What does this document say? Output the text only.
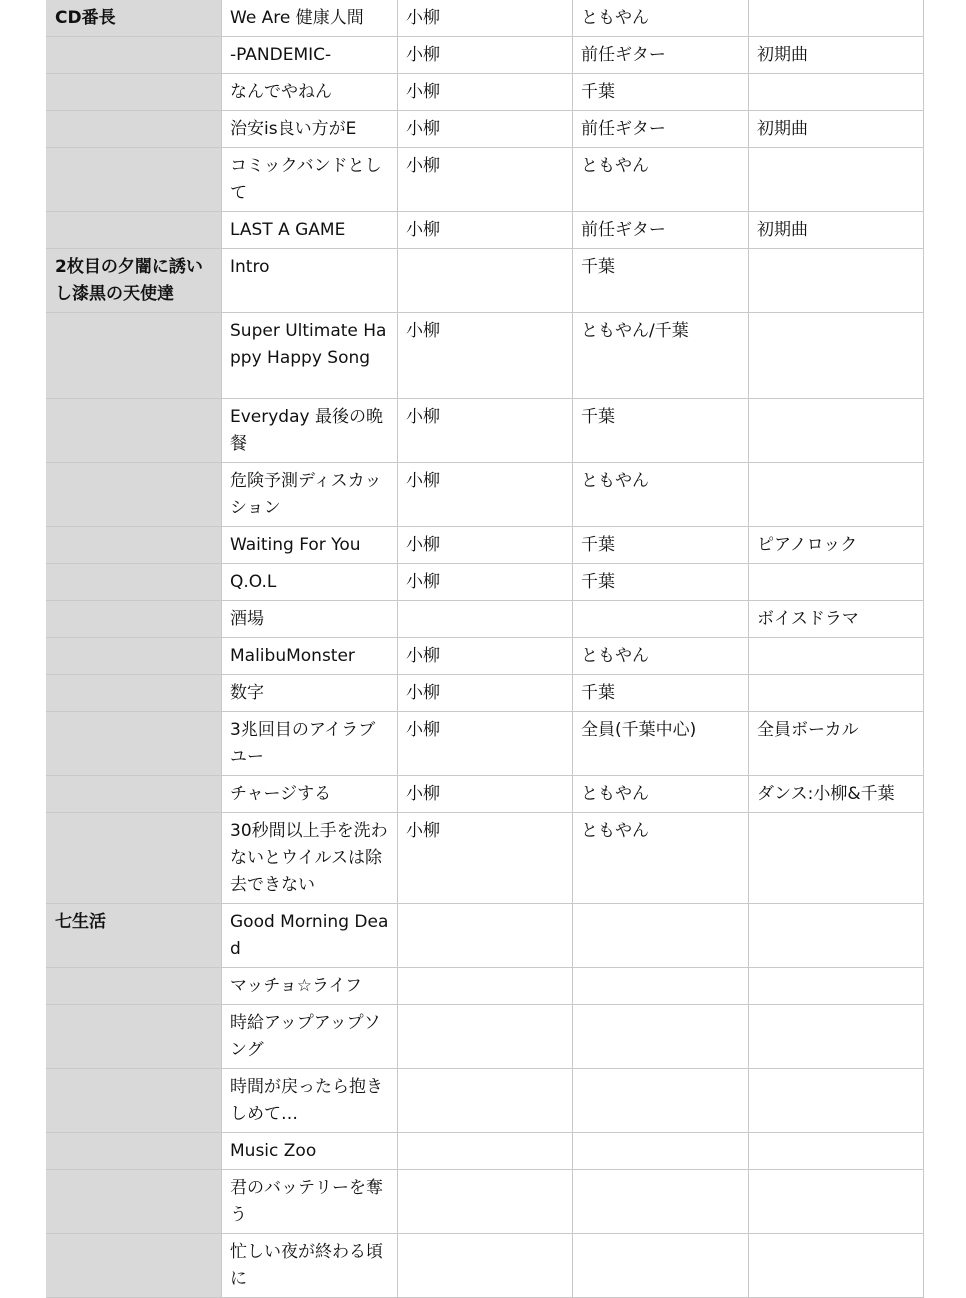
CD番長	We Are 健康人間	小柳	ともやん	
	-PANDEMIC-	小柳	前任ギター	初期曲
	なんでやねん	小柳	千葉	
	治安is良い方がE	小柳	前任ギター	初期曲
	コミックバンドとして	小柳	ともやん	
	LAST A GAME	小柳	前任ギター	初期曲
2枚目の夕闇に誘いし漆黒の天使達	Intro		千葉	
	Super Ultimate Happy Happy Song	小柳	ともやん/千葉	
	Everyday 最後の晩餐	小柳	千葉	
	危険予測ディスカッション	小柳	ともやん	
	Waiting For You	小柳	千葉	ピアノロック
	Q.O.L	小柳	千葉	
	酒場			ボイスドラマ
	MalibuMonster	小柳	ともやん	
	数字	小柳	千葉	
	3兆回目のアイラブユー	小柳	全員(千葉中心)	全員ボーカル
	チャージする	小柳	ともやん	ダンス:小柳&千葉
	30秒間以上手を洗わないとウイルスは除去できない	小柳	ともやん	
七生活	Good Morning Dead			
	マッチョ☆ライフ			
	時給アップアップソング			
	時間が戻ったら抱きしめて…			
	Music Zoo			
	君のバッテリーを奪う			
	忙しい夜が終わる頃に			
